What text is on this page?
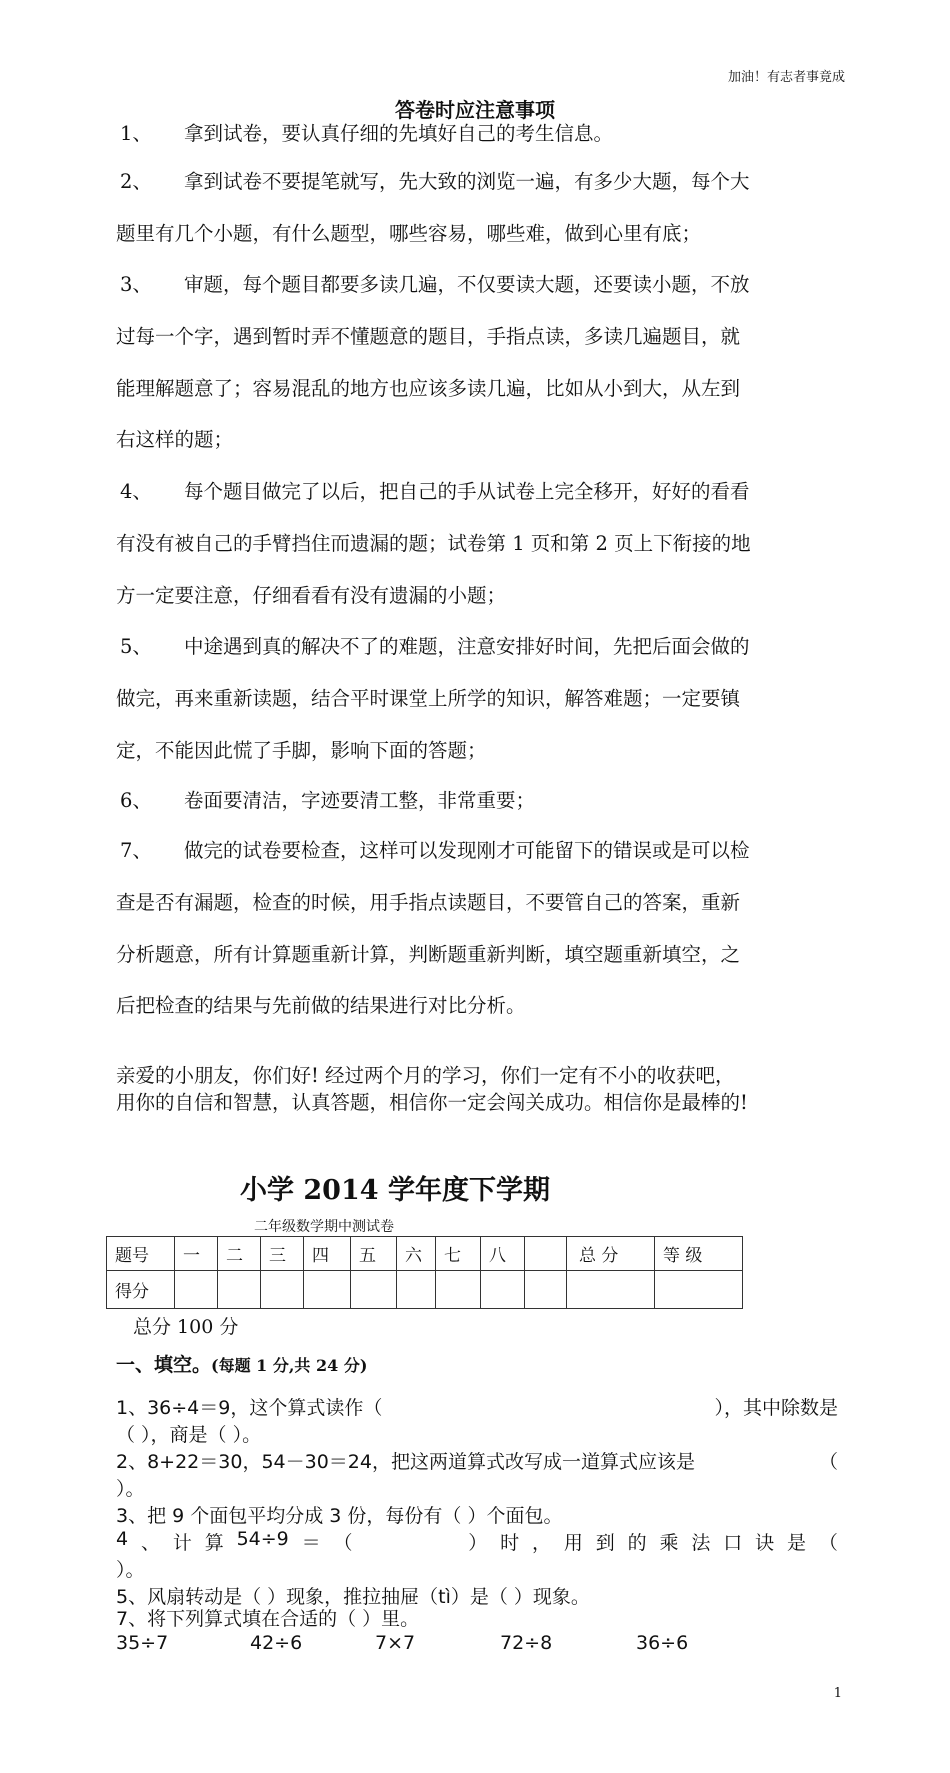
加油！有志者事竟成
答卷时应注意事项
1、 拿到试卷，要认真仔细的先填好自己的考生信息。
2、 拿到试卷不要提笔就写，先大致的浏览一遍，有多少大题，每个大
题里有几个小题，有什么题型，哪些容易，哪些难，做到心里有底；
3、 审题，每个题目都要多读几遍，不仅要读大题，还要读小题，不放
过每一个字，遇到暂时弄不懂题意的题目，手指点读，多读几遍题目，就
能理解题意了；容易混乱的地方也应该多读几遍，比如从小到大，从左到
右这样的题；
4、 每个题目做完了以后，把自己的手从试卷上完全移开，好好的看看
有没有被自己的手臂挡住而遗漏的题；试卷第 1 页和第 2 页上下衔接的地
方一定要注意，仔细看看有没有遗漏的小题；
5、 中途遇到真的解决不了的难题，注意安排好时间，先把后面会做的
做完，再来重新读题，结合平时课堂上所学的知识，解答难题；一定要镇
定，不能因此慌了手脚，影响下面的答题；
6、 卷面要清洁，字迹要清工整，非常重要；
7、 做完的试卷要检查，这样可以发现刚才可能留下的错误或是可以检
查是否有漏题，检查的时候，用手指点读题目，不要管自己的答案，重新
分析题意，所有计算题重新计算，判断题重新判断，填空题重新填空，之
后把检查的结果与先前做的结果进行对比分析。
亲爱的小朋友，你们好! 经过两个月的学习，你们一定有不小的收获吧，
用你的自信和智慧，认真答题，相信你一定会闯关成功。相信你是最棒的!
小学 2014 学年度下学期
二年级数学期中测试卷
题号	一	二	三	四	五	六	七	八		总 分	等 级
得分											
总分 100 分
一、填空。(每题 1 分,共 24 分)
1、36÷4＝9，这个算式读作（	），其中除数是
（ ），商是（ ）。
2、8+22＝30，54－30＝24，把这两道算式改写成一道算式应该是	（
）。
3、把 9 个面包平均分成 3 份，每份有（ ）个面包。
4 、 计 算 54÷9 ＝ （	） 时 ， 用 到 的 乘 法 口 诀 是 （
）。
5、风扇转动是（ ）现象，推拉抽屉（tì）是（ ）现象。
7、将下列算式填在合适的（ ）里。
35÷7	42÷6	7×7	72÷8	36÷6
1
